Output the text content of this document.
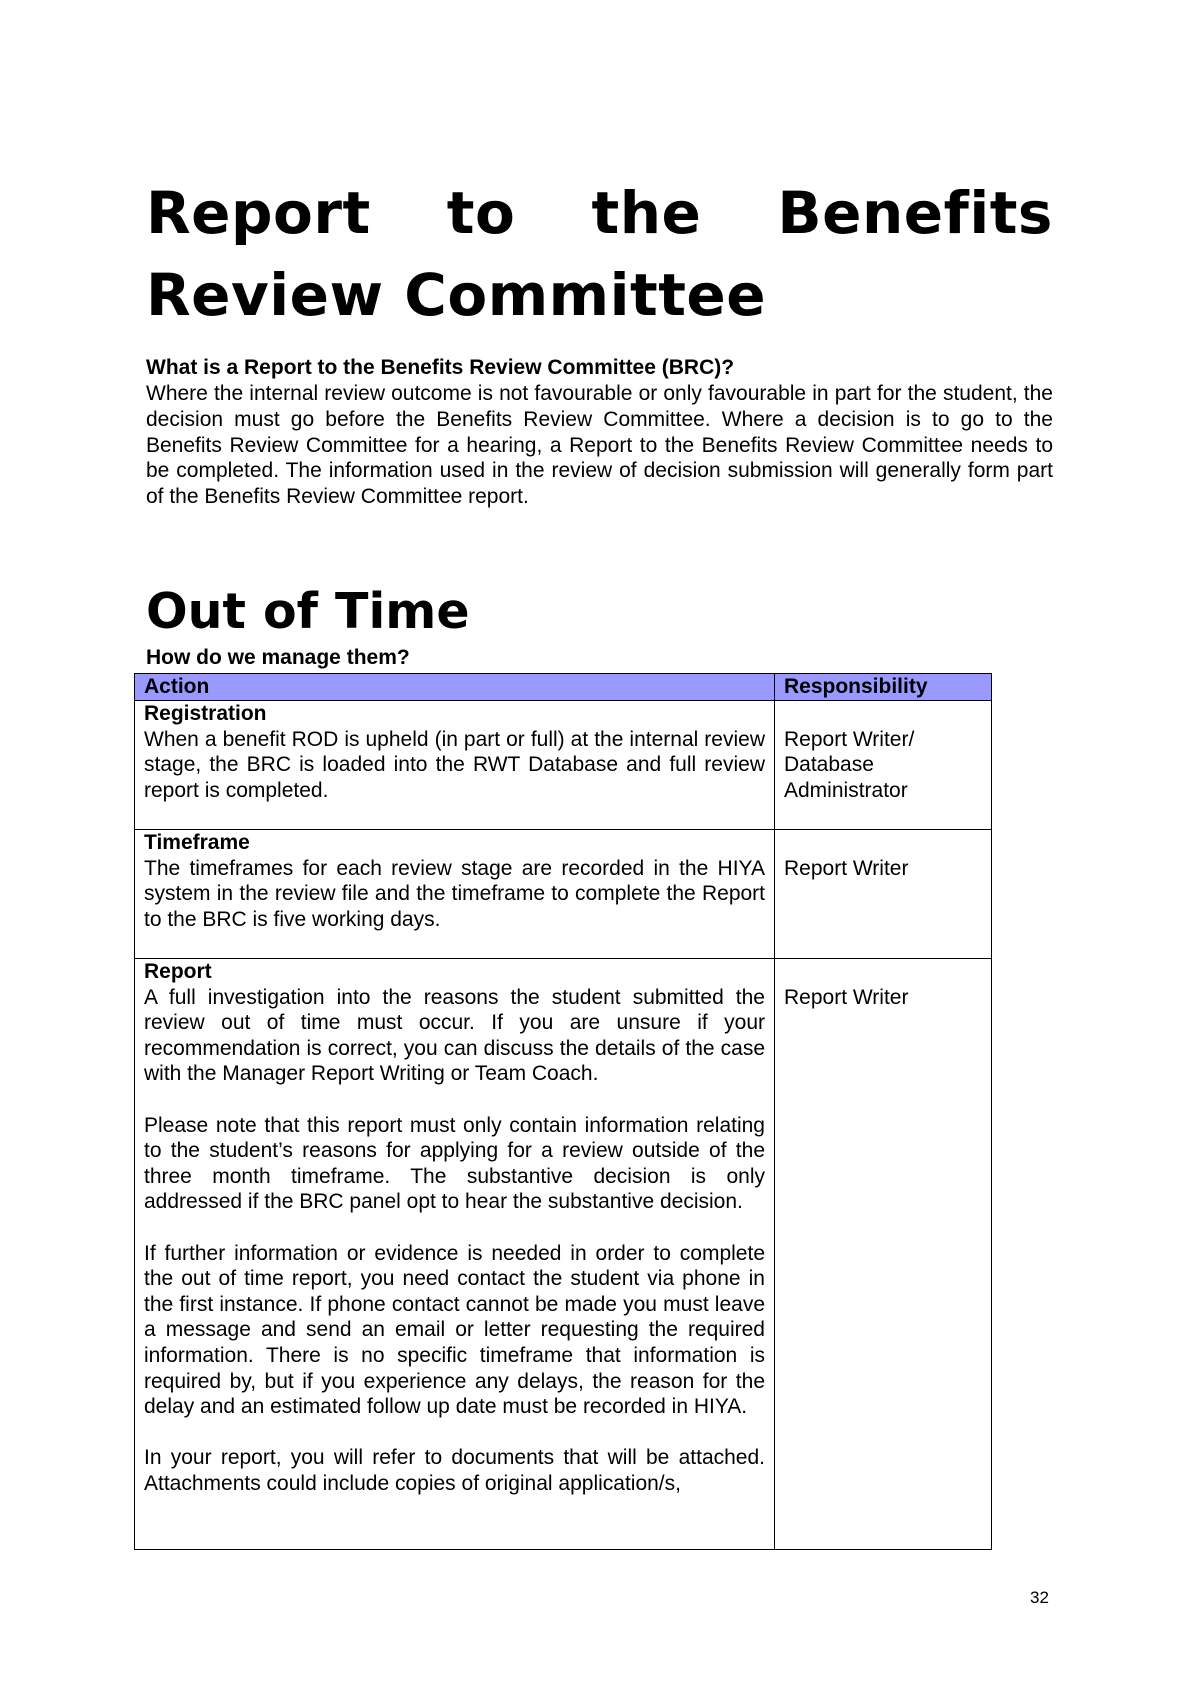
Report to the Benefits
Review Committee

What is a Report to the Benefits Review Committee (BRC)?

Where the internal review outcome is not favourable or only favourable in part for the student, the decision must go before the Benefits Review Committee. Where a decision is to go to the Benefits Review Committee for a hearing, a Report to the Benefits Review Committee needs to be completed. The information used in the review of decision submission will generally form part of the Benefits Review Committee report.

Out of Time

How do we manage them?

Action	Responsibility

Registration
When a benefit ROD is upheld (in part or full) at the internal review stage, the BRC is loaded into the RWT Database and full review report is completed.	Report Writer/ Database Administrator

Timeframe
The timeframes for each review stage are recorded in the HIYA system in the review file and the timeframe to complete the Report to the BRC is five working days.	Report Writer

Report
A full investigation into the reasons the student submitted the review out of time must occur. If you are unsure if your recommendation is correct, you can discuss the details of the case with the Manager Report Writing or Team Coach.
Please note that this report must only contain information relating to the student’s reasons for applying for a review outside of the three month timeframe. The substantive decision is only addressed if the BRC panel opt to hear the substantive decision.
If further information or evidence is needed in order to complete the out of time report, you need contact the student via phone in the first instance. If phone contact cannot be made you must leave a message and send an email or letter requesting the required information. There is no specific timeframe that information is required by, but if you experience any delays, the reason for the delay and an estimated follow up date must be recorded in HIYA.
In your report, you will refer to documents that will be attached. Attachments could include copies of original application/s,	Report Writer
32
